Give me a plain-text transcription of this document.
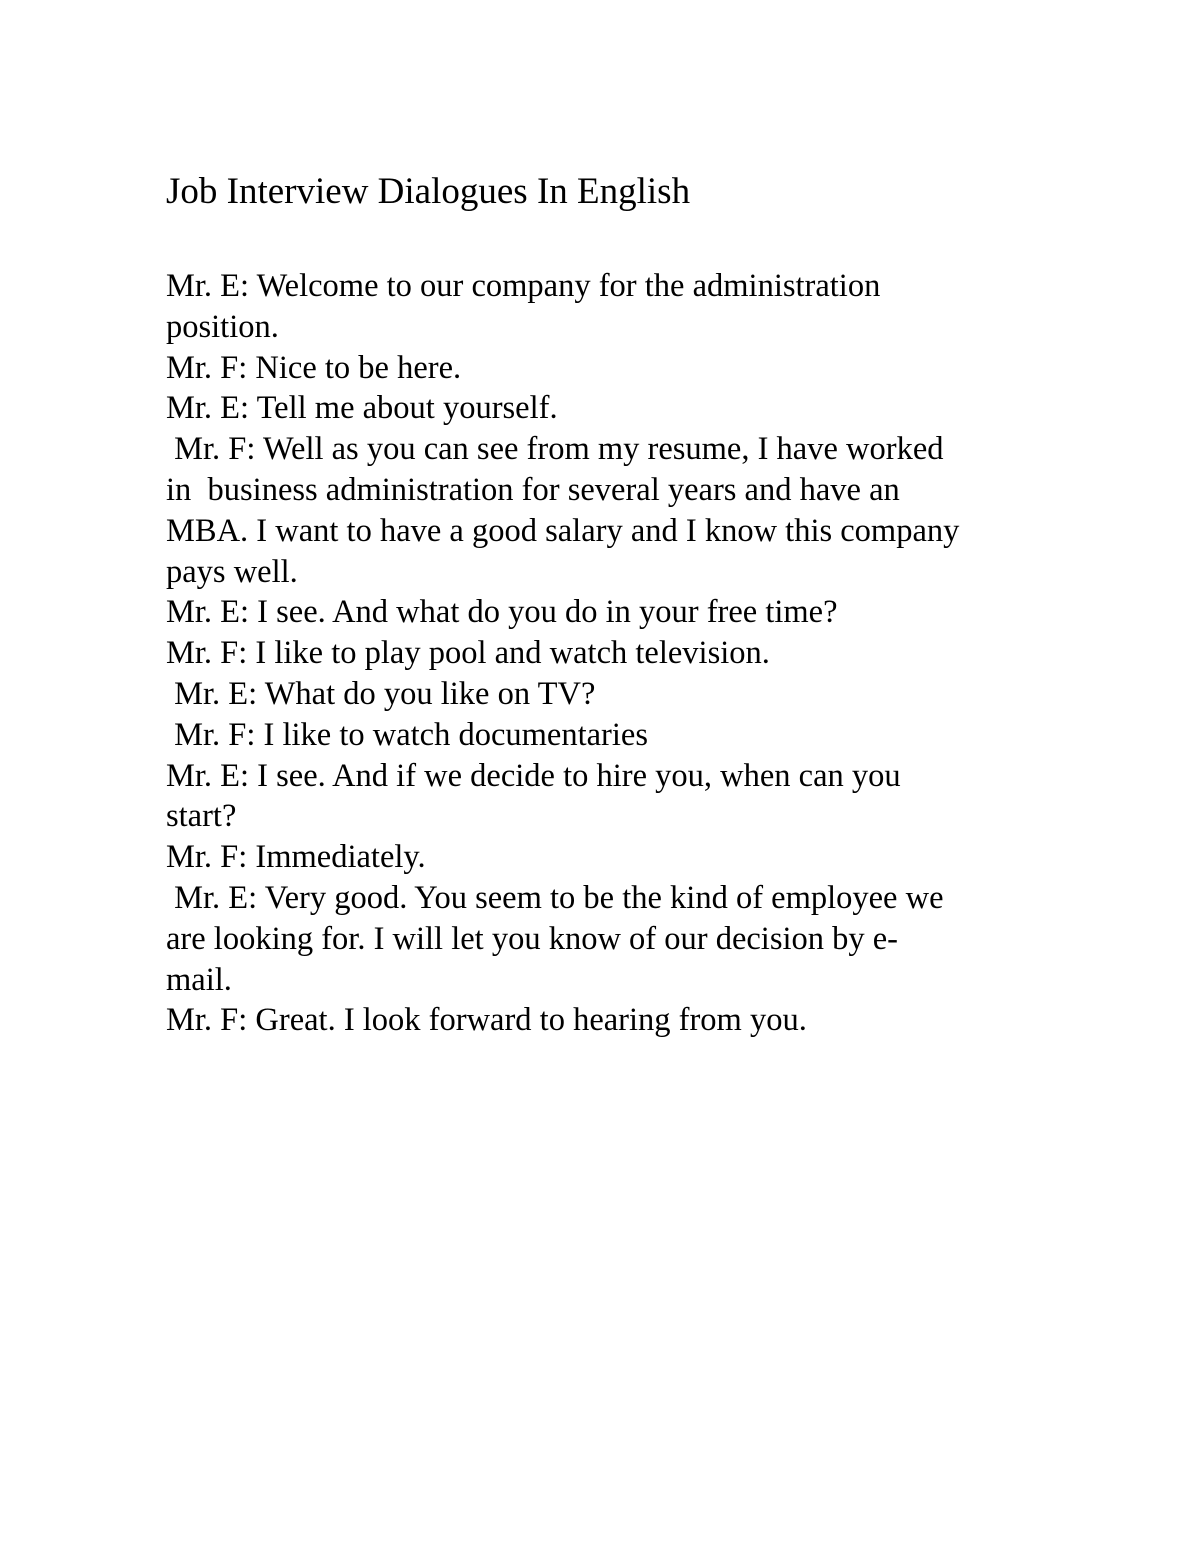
Job Interview Dialogues In English
Mr. E: Welcome to our company for the administration
position.
Mr. F: Nice to be here.
Mr. E: Tell me about yourself.
Mr. F: Well as you can see from my resume, I have worked
in  business administration for several years and have an
MBA. I want to have a good salary and I know this company
pays well.
Mr. E: I see. And what do you do in your free time?
Mr. F: I like to play pool and watch television.
Mr. E: What do you like on TV?
Mr. F: I like to watch documentaries
Mr. E: I see. And if we decide to hire you, when can you
start?
Mr. F: Immediately.
Mr. E: Very good. You seem to be the kind of employee we
are looking for. I will let you know of our decision by e-
mail.
Mr. F: Great. I look forward to hearing from you.
